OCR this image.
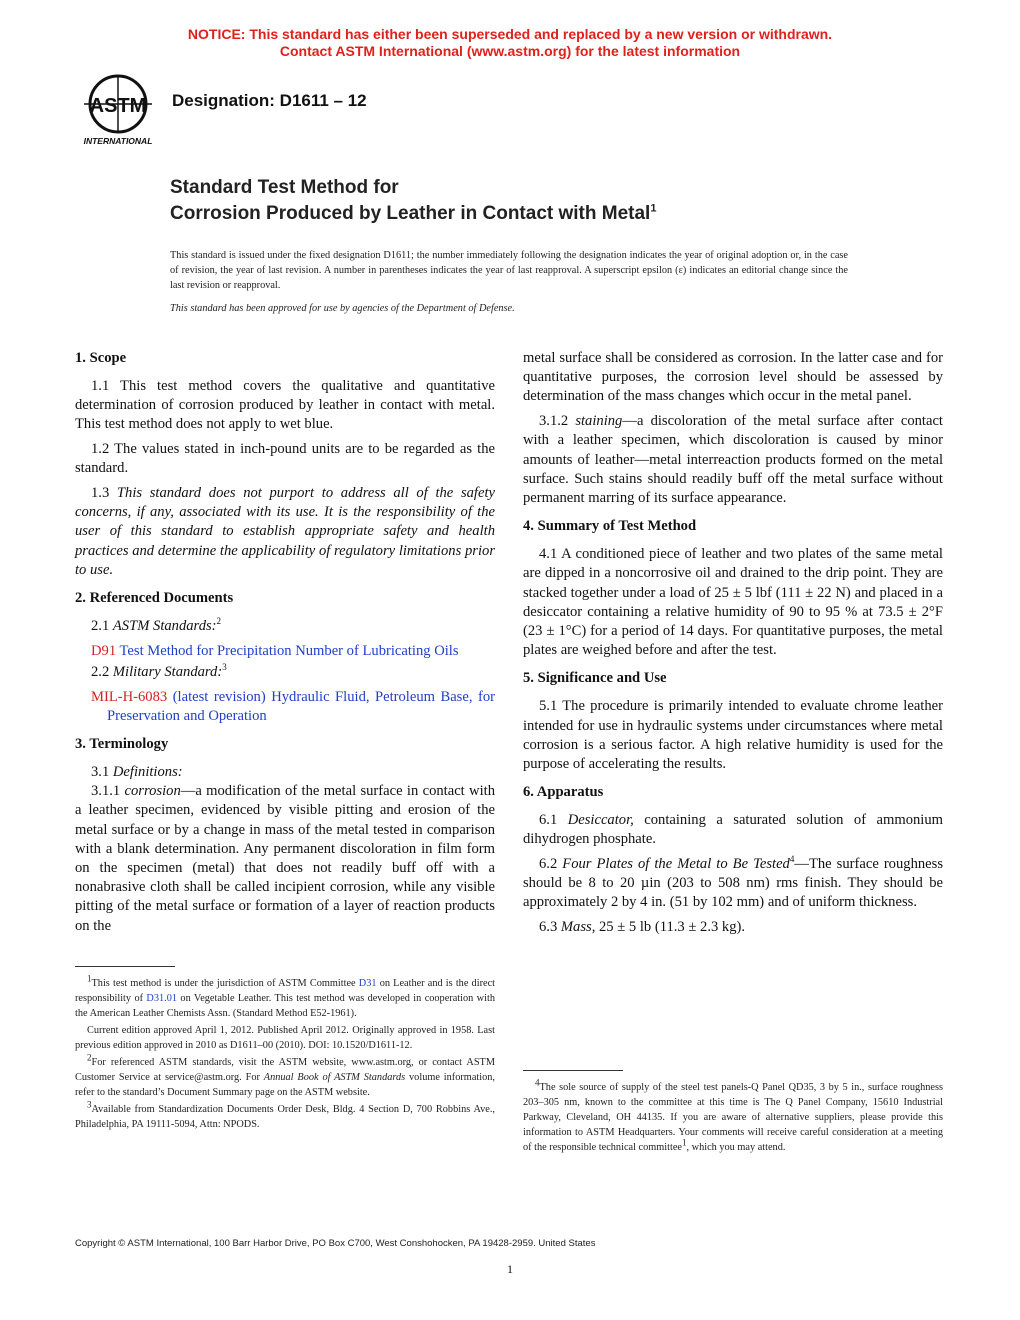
NOTICE: This standard has either been superseded and replaced by a new version or withdrawn.
Contact ASTM International (www.astm.org) for the latest information
ASTM
INTERNATIONAL
Designation: D1611 – 12
Standard Test Method for
Corrosion Produced by Leather in Contact with Metal$^1$
This standard is issued under the fixed designation D1611; the number immediately following the designation indicates the year of original adoption or, in the case of revision, the year of last revision. A number in parentheses indicates the year of last reapproval. A superscript epsilon (ε) indicates an editorial change since the last revision or reapproval.
This standard has been approved for use by agencies of the Department of Defense.
1. Scope

1.1 This test method covers the qualitative and quantitative determination of corrosion produced by leather in contact with metal. This test method does not apply to wet blue.

1.2 The values stated in inch-pound units are to be regarded as the standard.

1.3 This standard does not purport to address all of the safety concerns, if any, associated with its use. It is the responsibility of the user of this standard to establish appropriate safety and health practices and determine the applicability of regulatory limitations prior to use.

2. Referenced Documents

2.1 ASTM Standards:$^2$

D91 Test Method for Precipitation Number of Lubricating Oils

2.2 Military Standard:$^3$

MIL-H-6083 (latest revision) Hydraulic Fluid, Petroleum Base, for Preservation and Operation

3. Terminology

3.1 Definitions:

3.1.1 corrosion—a modification of the metal surface in contact with a leather specimen, evidenced by visible pitting and erosion of the metal surface or by a change in mass of the metal tested in comparison with a blank determination. Any permanent discoloration in film form on the specimen (metal) that does not readily buff off with a nonabrasive cloth shall be called incipient corrosion, while any visible pitting of the metal surface or formation of a layer of reaction products on the

metal surface shall be considered as corrosion. In the latter case and for quantitative purposes, the corrosion level should be assessed by determination of the mass changes which occur in the metal panel.

3.1.2 staining—a discoloration of the metal surface after contact with a leather specimen, which discoloration is caused by minor amounts of leather—metal interreaction products formed on the metal surface. Such stains should readily buff off the metal surface without permanent marring of its surface appearance.

4. Summary of Test Method

4.1 A conditioned piece of leather and two plates of the same metal are dipped in a noncorrosive oil and drained to the drip point. They are stacked together under a load of 25 ± 5 lbf (111 ± 22 N) and placed in a desiccator containing a relative humidity of 90 to 95 % at 73.5 ± 2°F (23 ± 1°C) for a period of 14 days. For quantitative purposes, the metal plates are weighed before and after the test.

5. Significance and Use

5.1 The procedure is primarily intended to evaluate chrome leather intended for use in hydraulic systems under circumstances where metal corrosion is a serious factor. A high relative humidity is used for the purpose of accelerating the results.

6. Apparatus

6.1 Desiccator, containing a saturated solution of ammonium dihydrogen phosphate.

6.2 Four Plates of the Metal to Be Tested$^4$—The surface roughness should be 8 to 20 µin (203 to 508 nm) rms finish. They should be approximately 2 by 4 in. (51 by 102 mm) and of uniform thickness.

6.3 Mass, 25 ± 5 lb (11.3 ± 2.3 kg).

$^1$This test method is under the jurisdiction of ASTM Committee D31 on Leather and is the direct responsibility of D31.01 on Vegetable Leather. This test method was developed in cooperation with the American Leather Chemists Assn. (Standard Method E52-1961).

Current edition approved April 1, 2012. Published April 2012. Originally approved in 1958. Last previous edition approved in 2010 as D1611–00 (2010). DOI: 10.1520/D1611-12.

$^2$For referenced ASTM standards, visit the ASTM website, www.astm.org, or contact ASTM Customer Service at service@astm.org. For Annual Book of ASTM Standards volume information, refer to the standard’s Document Summary page on the ASTM website.

$^3$Available from Standardization Documents Order Desk, Bldg. 4 Section D, 700 Robbins Ave., Philadelphia, PA 19111-5094, Attn: NPODS.

$^4$The sole source of supply of the steel test panels-Q Panel QD35, 3 by 5 in., surface roughness 203–305 nm, known to the committee at this time is The Q Panel Company, 15610 Industrial Parkway, Cleveland, OH 44135. If you are aware of alternative suppliers, please provide this information to ASTM Headquarters. Your comments will receive careful consideration at a meeting of the responsible technical committee$^1$, which you may attend.

Copyright © ASTM International, 100 Barr Harbor Drive, PO Box C700, West Conshohocken, PA 19428-2959. United States
1
